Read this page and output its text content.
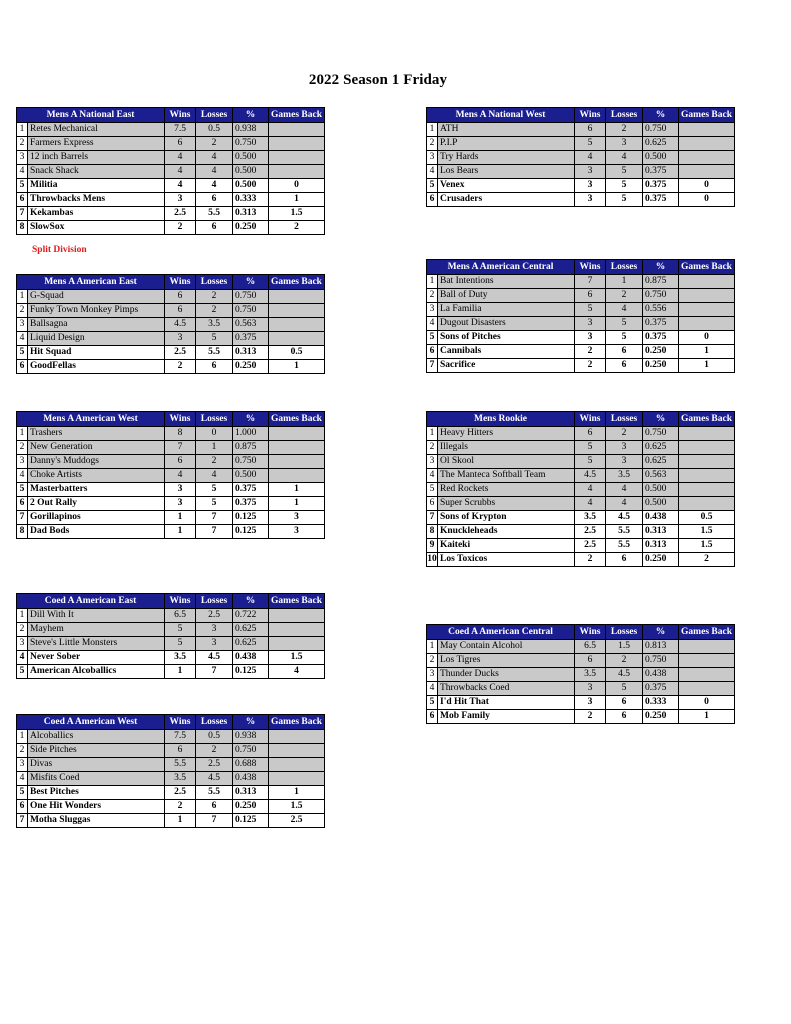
2022 Season 1 Friday
Mens A National East		Wins	Losses	%	Games Back
1	Retes Mechanical	7.5	0.5	0.938	
2	Farmers Express	6	2	0.750	
3	12 inch Barrels	4	4	0.500	
4	Snack Shack	4	4	0.500	
5	Militia	4	4	0.500	0
6	Throwbacks Mens	3	6	0.333	1
7	Kekambas	2.5	5.5	0.313	1.5
8	SlowSox	2	6	0.250	2
Split Division
Mens A American East		Wins	Losses	%	Games Back
1	G-Squad	6	2	0.750	
2	Funky Town Monkey Pimps	6	2	0.750	
3	Ballsagna	4.5	3.5	0.563	
4	Liquid Design	3	5	0.375	
5	Hit Squad	2.5	5.5	0.313	0.5
6	GoodFellas	2	6	0.250	1
Mens A American West		Wins	Losses	%	Games Back
1	Trashers	8	0	1.000	
2	New Generation	7	1	0.875	
3	Danny's Muddogs	6	2	0.750	
4	Choke Artists	4	4	0.500	
5	Masterbatters	3	5	0.375	1
6	2 Out Rally	3	5	0.375	1
7	Gorillapinos	1	7	0.125	3
8	Dad Bods	1	7	0.125	3
Coed A American East		Wins	Losses	%	Games Back
1	Dill With It	6.5	2.5	0.722	
2	Mayhem	5	3	0.625	
3	Steve's Little Monsters	5	3	0.625	
4	Never Sober	3.5	4.5	0.438	1.5
5	American Alcoballics	1	7	0.125	4
Coed A American West		Wins	Losses	%	Games Back
1	Alcoballics	7.5	0.5	0.938	
2	Side Pitches	6	2	0.750	
3	Divas	5.5	2.5	0.688	
4	Misfits Coed	3.5	4.5	0.438	
5	Best Pitches	2.5	5.5	0.313	1
6	One Hit Wonders	2	6	0.250	1.5
7	Motha Sluggas	1	7	0.125	2.5
Mens A National West		Wins	Losses	%	Games Back
1	ATH	6	2	0.750	
2	P.I.P	5	3	0.625	
3	Try Hards	4	4	0.500	
4	Los Bears	3	5	0.375	
5	Venex	3	5	0.375	0
6	Crusaders	3	5	0.375	0
Mens A American Central		Wins	Losses	%	Games Back
1	Bat Intentions	7	1	0.875	
2	Ball of Duty	6	2	0.750	
3	La Familia	5	4	0.556	
4	Dugout Disasters	3	5	0.375	
5	Sons of Pitches	3	5	0.375	0
6	Cannibals	2	6	0.250	1
7	Sacrifice	2	6	0.250	1
Mens Rookie		Wins	Losses	%	Games Back
1	Heavy Hitters	6	2	0.750	
2	Illegals	5	3	0.625	
3	Ol Skool	5	3	0.625	
4	The Manteca Softball Team	4.5	3.5	0.563	
5	Red Rockets	4	4	0.500	
6	Super Scrubbs	4	4	0.500	
7	Sons of Krypton	3.5	4.5	0.438	0.5
8	Knuckleheads	2.5	5.5	0.313	1.5
9	Kaiteki	2.5	5.5	0.313	1.5
10	Los Toxicos	2	6	0.250	2
Coed A American Central		Wins	Losses	%	Games Back
1	May Contain Alcohol	6.5	1.5	0.813	
2	Los Tigres	6	2	0.750	
3	Thunder Ducks	3.5	4.5	0.438	
4	Throwbacks Coed	3	5	0.375	
5	I'd Hit That	3	6	0.333	0
6	Mob Family	2	6	0.250	1
